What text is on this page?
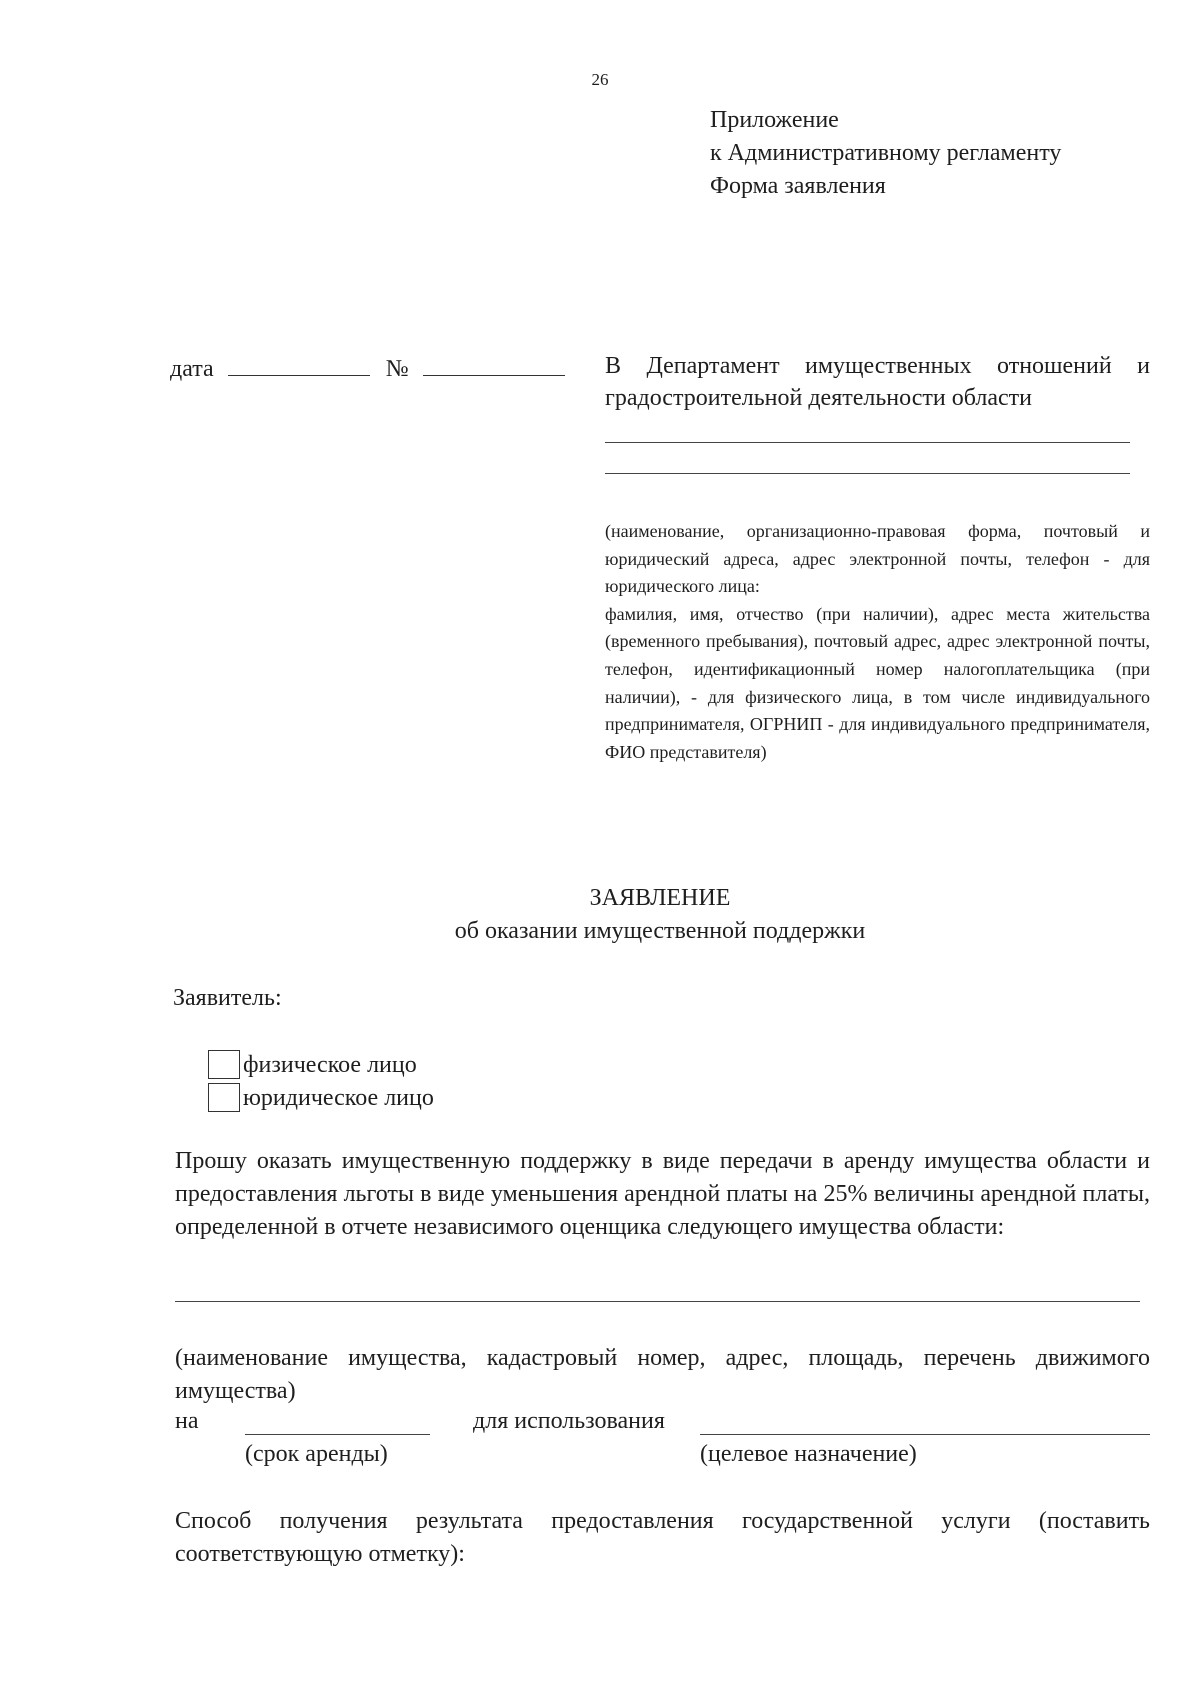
26
Приложение
к Административному регламенту
Форма заявления
дата	№	В Департамент имущественных отношений и градостроительной деятельности области

(наименование, организационно-правовая форма, почтовый и юридический адреса, адрес электронной почты, телефон - для юридического лица:

фамилия, имя, отчество (при наличии), адрес места жительства (временного пребывания), почтовый адрес, адрес электронной почты, телефон, идентификационный номер налогоплательщика (при наличии), - для физического лица, в том числе индивидуального предпринимателя, ОГРНИП - для индивидуального предпринимателя, ФИО представителя)

ЗАЯВЛЕНИЕ
об оказании имущественной поддержки
Заявитель:
физическое лицо
юридическое лицо
Прошу оказать имущественную поддержку в виде передачи в аренду имущества области и предоставления льготы в виде уменьшения арендной платы на 25% величины арендной платы, определенной в отчете независимого оценщика следующего имущества области:
(наименование имущества, кадастровый номер, адрес, площадь, перечень движимого имущества)
на	для использования
(срок аренды)	(целевое назначение)
Способ получения результата предоставления государственной услуги (поставить соответствующую отметку):
